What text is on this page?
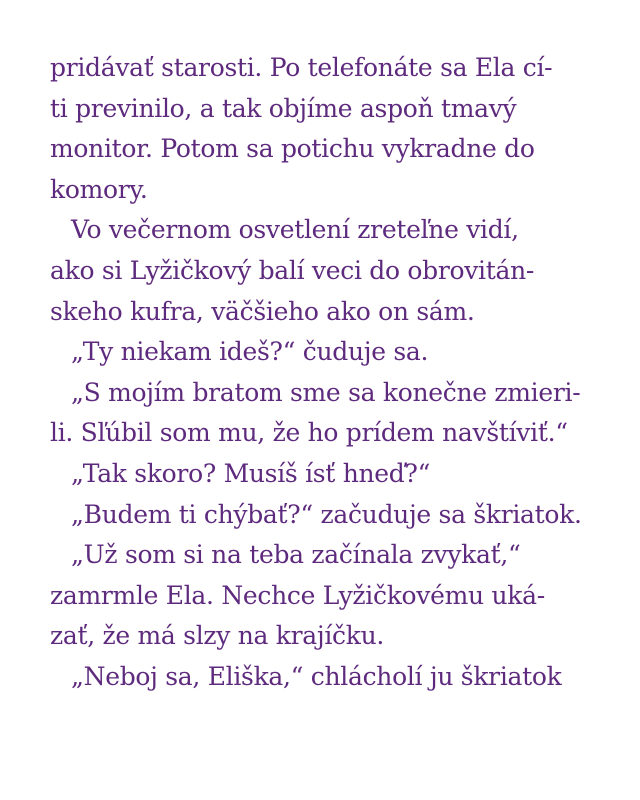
pridávať starosti. Po telefonáte sa Ela cí-
ti previnilo, a tak objíme aspoň tmavý
monitor. Potom sa potichu vykradne do
komory.
Vo večernom osvetlení zreteľne vidí,
ako si Lyžičkový balí veci do obrovitán-
skeho kufra, väčšieho ako on sám.
„Ty niekam ideš?“ čuduje sa.
„S mojím bratom sme sa konečne zmieri-
li. Sľúbil som mu, že ho prídem navštíviť.“
„Tak skoro? Musíš ísť hneď?“
„Budem ti chýbať?“ začuduje sa škriatok.
„Už som si na teba začínala zvykať,“
zamrmle Ela. Nechce Lyžičkovému uká-
zať, že má slzy na krajíčku.
„Neboj sa, Eliška,“ chlácholí ju škriatok
